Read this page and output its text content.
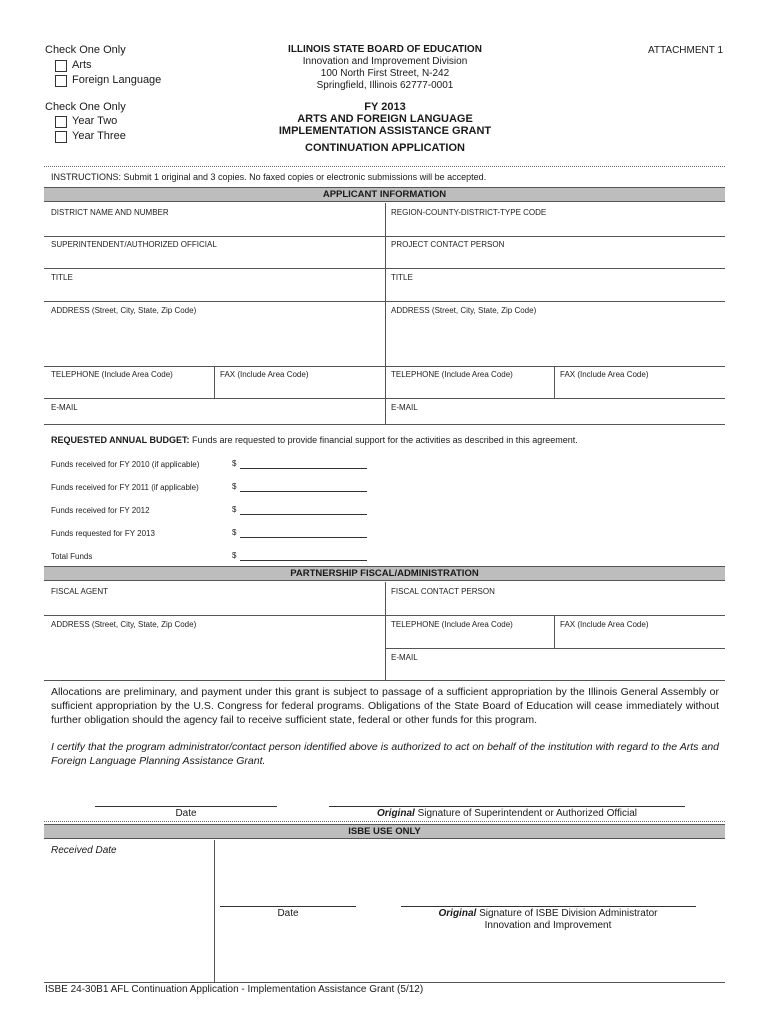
Check One Only
Arts
Foreign Language
Check One Only
Year Two
Year Three
ILLINOIS STATE BOARD OF EDUCATION
Innovation and Improvement Division
100 North First Street, N-242
Springfield, Illinois 62777-0001
FY 2013
ARTS AND FOREIGN LANGUAGE
IMPLEMENTATION ASSISTANCE GRANT
CONTINUATION APPLICATION
ATTACHMENT 1
INSTRUCTIONS: Submit 1 original and 3 copies. No faxed copies or electronic submissions will be accepted.
APPLICANT INFORMATION
DISTRICT NAME AND NUMBER	REGION-COUNTY-DISTRICT-TYPE CODE
SUPERINTENDENT/AUTHORIZED OFFICIAL	PROJECT CONTACT PERSON
TITLE	TITLE
ADDRESS (Street, City, State, Zip Code)	ADDRESS (Street, City, State, Zip Code)
TELEPHONE (Include Area Code)	FAX (Include Area Code)	TELEPHONE (Include Area Code)	FAX (Include Area Code)
E-MAIL	E-MAIL
REQUESTED ANNUAL BUDGET: Funds are requested to provide financial support for the activities as described in this agreement.
Funds received for FY 2010 (if applicable)	$
Funds received for FY 2011 (if applicable)	$
Funds received for FY 2012	$
Funds requested for FY 2013	$
Total Funds	$
PARTNERSHIP FISCAL/ADMINISTRATION
FISCAL AGENT	FISCAL CONTACT PERSON
ADDRESS (Street, City, State, Zip Code)	TELEPHONE (Include Area Code)	FAX (Include Area Code)
E-MAIL
Allocations are preliminary, and payment under this grant is subject to passage of a sufficient appropriation by the Illinois General Assembly or sufficient appropriation by the U.S. Congress for federal programs. Obligations of the State Board of Education will cease immediately without further obligation should the agency fail to receive sufficient state, federal or other funds for this program.
I certify that the program administrator/contact person identified above is authorized to act on behalf of the institution with regard to the Arts and Foreign Language Planning Assistance Grant.
Date	Original Signature of Superintendent or Authorized Official
ISBE USE ONLY
Received Date
Date	Original Signature of ISBE Division Administrator
Innovation and Improvement
ISBE 24-30B1 AFL Continuation Application - Implementation Assistance Grant (5/12)
